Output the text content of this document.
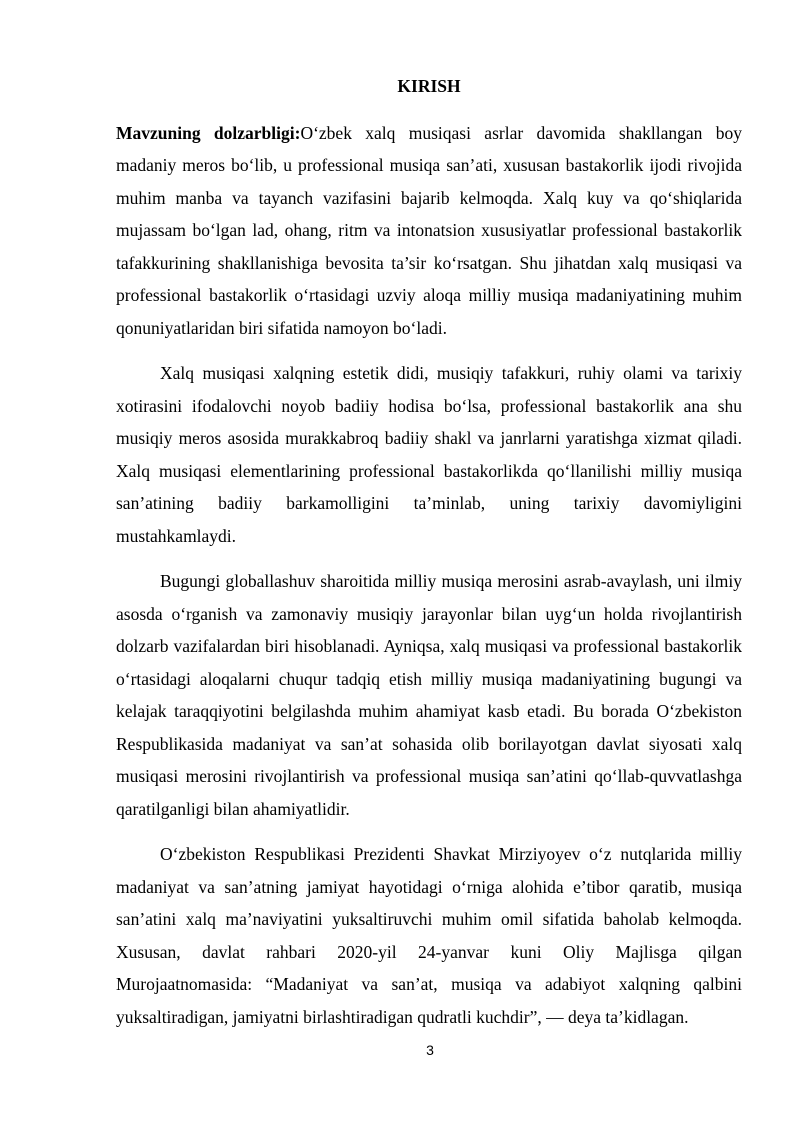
KIRISH

Mavzuning dolzarbligi:O‘zbek xalq musiqasi asrlar davomida shakllangan boy madaniy meros bo‘lib, u professional musiqa san’ati, xususan bastakorlik ijodi rivojida muhim manba va tayanch vazifasini bajarib kelmoqda. Xalq kuy va qo‘shiqlarida mujassam bo‘lgan lad, ohang, ritm va intonatsion xususiyatlar professional bastakorlik tafakkurining shakllanishiga bevosita ta’sir ko‘rsatgan. Shu jihatdan xalq musiqasi va professional bastakorlik o‘rtasidagi uzviy aloqa milliy musiqa madaniyatining muhim qonuniyatlaridan biri sifatida namoyon bo‘ladi.

Xalq musiqasi xalqning estetik didi, musiqiy tafakkuri, ruhiy olami va tarixiy xotirasini ifodalovchi noyob badiiy hodisa bo‘lsa, professional bastakorlik ana shu musiqiy meros asosida murakkabroq badiiy shakl va janrlarni yaratishga xizmat qiladi. Xalq musiqasi elementlarining professional bastakorlikda qo‘llanilishi milliy musiqa san’atining badiiy barkamolligini ta’minlab, uning tarixiy davomiyligini mustahkamlaydi.

Bugungi globallashuv sharoitida milliy musiqa merosini asrab-avaylash, uni ilmiy asosda o‘rganish va zamonaviy musiqiy jarayonlar bilan uyg‘un holda rivojlantirish dolzarb vazifalardan biri hisoblanadi. Ayniqsa, xalq musiqasi va professional bastakorlik o‘rtasidagi aloqalarni chuqur tadqiq etish milliy musiqa madaniyatining bugungi va kelajak taraqqiyotini belgilashda muhim ahamiyat kasb etadi. Bu borada O‘zbekiston Respublikasida madaniyat va san’at sohasida olib borilayotgan davlat siyosati xalq musiqasi merosini rivojlantirish va professional musiqa san’atini qo‘llab-quvvatlashga qaratilganligi bilan ahamiyatlidir.

O‘zbekiston Respublikasi Prezidenti Shavkat Mirziyoyev o‘z nutqlarida milliy madaniyat va san’atning jamiyat hayotidagi o‘rniga alohida e’tibor qaratib, musiqa san’atini xalq ma’naviyatini yuksaltiruvchi muhim omil sifatida baholab kelmoqda. Xususan, davlat rahbari 2020-yil 24-yanvar kuni Oliy Majlisga qilgan Murojaatnomasida: “Madaniyat va san’at, musiqa va adabiyot xalqning qalbini yuksaltiradigan, jamiyatni birlashtiradigan qudratli kuchdir”, — deya ta’kidlagan.

3
